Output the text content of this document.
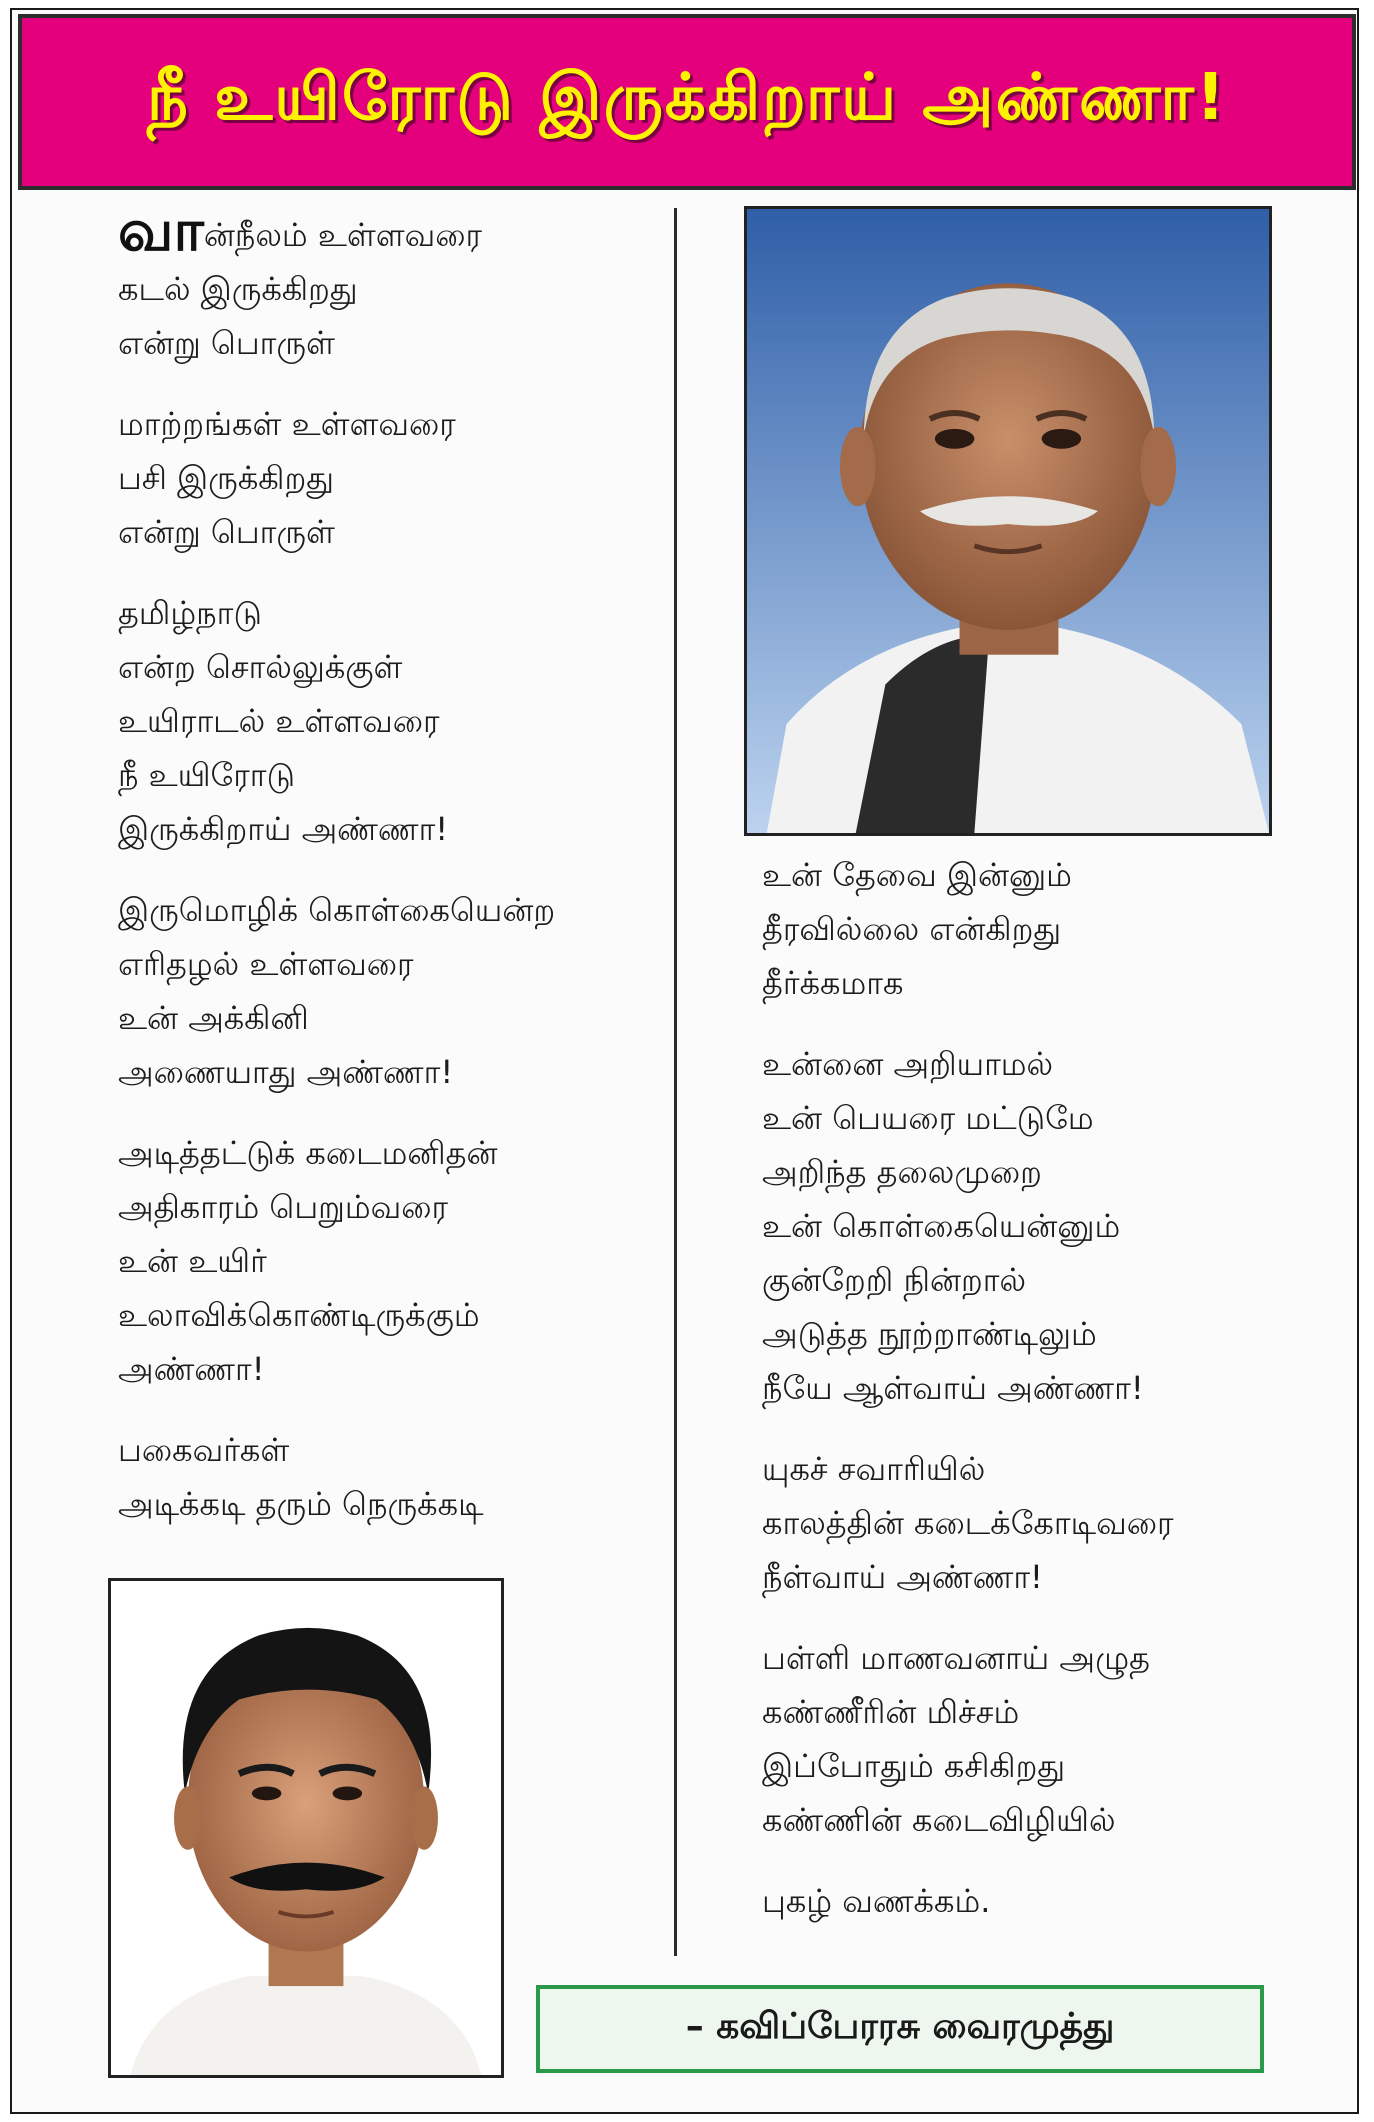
நீ உயிரோடு இருக்கிறாய் அண்ணா!
வான்நீலம் உள்ளவரை
கடல் இருக்கிறது
என்று பொருள்
மாற்றங்கள் உள்ளவரை
பசி இருக்கிறது
என்று பொருள்
தமிழ்நாடு
என்ற சொல்லுக்குள்
உயிராடல் உள்ளவரை
நீ உயிரோடு
இருக்கிறாய் அண்ணா!
இருமொழிக் கொள்கையென்ற
எரிதழல் உள்ளவரை
உன் அக்கினி
அணையாது அண்ணா!
அடித்தட்டுக் கடைமனிதன்
அதிகாரம் பெறும்வரை
உன் உயிர்
உலாவிக்கொண்டிருக்கும்
அண்ணா!
பகைவர்கள்
அடிக்கடி தரும் நெருக்கடி
உன் தேவை இன்னும்
தீரவில்லை என்கிறது
தீர்க்கமாக
உன்னை அறியாமல்
உன் பெயரை மட்டுமே
அறிந்த தலைமுறை
உன் கொள்கையென்னும்
குன்றேறி நின்றால்
அடுத்த நூற்றாண்டிலும்
நீயே ஆள்வாய் அண்ணா!
யுகச் சவாரியில்
காலத்தின் கடைக்கோடிவரை
நீள்வாய் அண்ணா!
பள்ளி மாணவனாய் அழுத
கண்ணீரின் மிச்சம்
இப்போதும் கசிகிறது
கண்ணின் கடைவிழியில்
புகழ் வணக்கம்.
– கவிப்பேரரசு வைரமுத்து
